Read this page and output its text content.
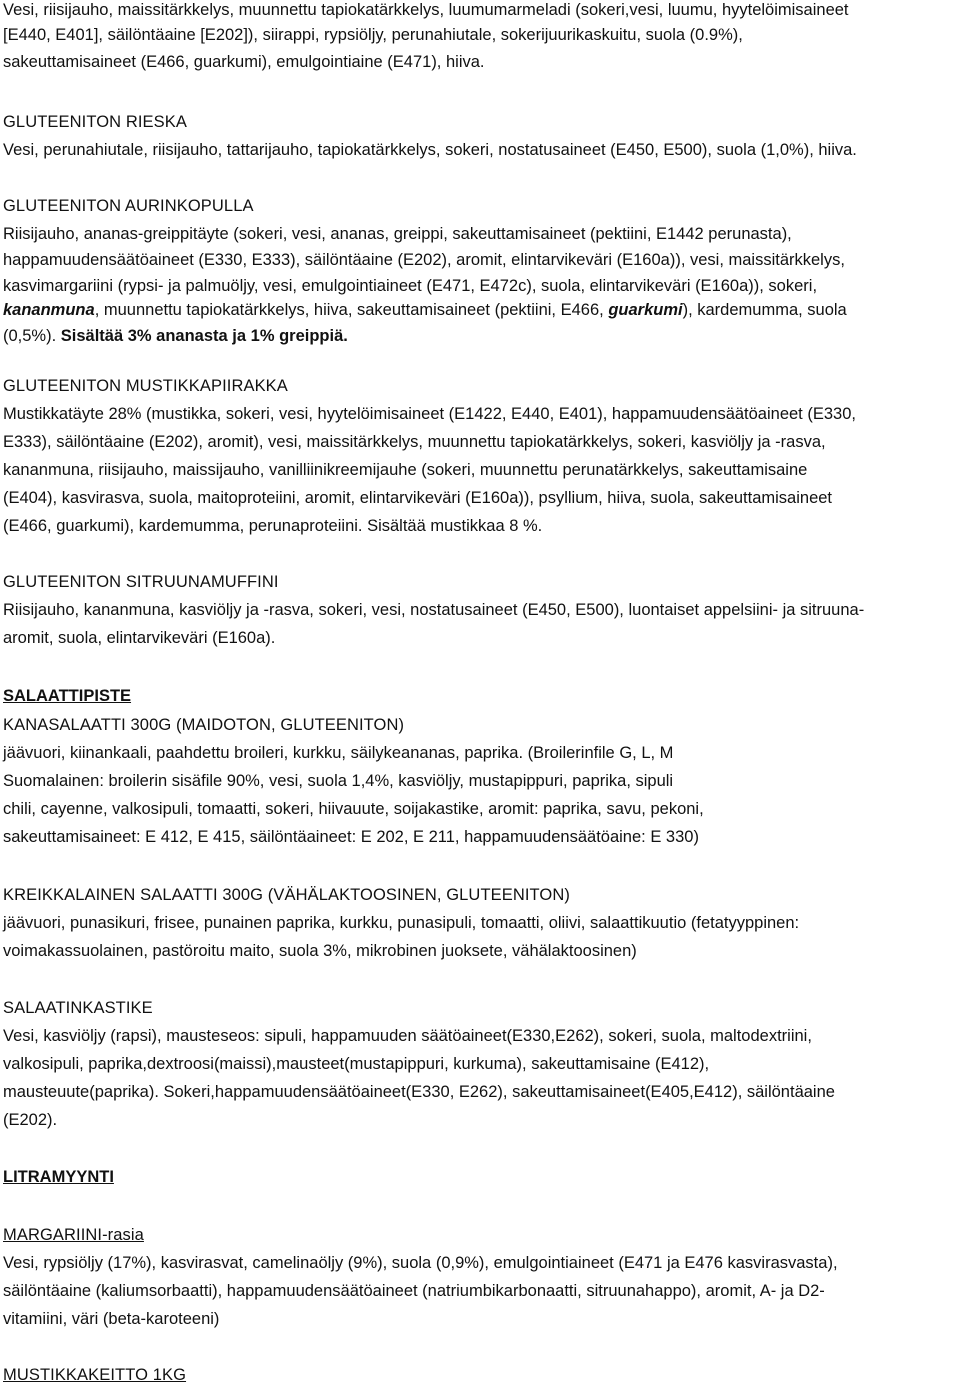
Vesi, riisijauho, maissitärkkelys, muunnettu tapiokatärkkelys, luumumarmeladi (sokeri,vesi, luumu, hyytelöimisaineet
[E440, E401], säilöntäaine [E202]), siirappi, rypsiöljy, perunahiutale, sokerijuurikaskuitu, suola (0.9%),
sakeuttamisaineet (E466, guarkumi), emulgointiaine (E471), hiiva.
GLUTEENITON RIESKA
Vesi, perunahiutale, riisijauho, tattarijauho, tapiokatärkkelys, sokeri, nostatusaineet (E450, E500), suola (1,0%), hiiva.
GLUTEENITON AURINKOPULLA
Riisijauho, ananas-greippitäyte (sokeri, vesi, ananas, greippi, sakeuttamisaineet (pektiini, E1442 perunasta),
happamuudensäätöaineet (E330, E333), säilöntäaine (E202), aromit, elintarvikeväri (E160a)), vesi, maissitärkkelys,
kasvimargariini (rypsi- ja palmuöljy, vesi, emulgointiaineet (E471, E472c), suola, elintarvikeväri (E160a)), sokeri,
kananmuna, muunnettu tapiokatärkkelys, hiiva, sakeuttamisaineet (pektiini, E466, guarkumi), kardemumma, suola
(0,5%). Sisältää 3% ananasta ja 1% greippiä.
GLUTEENITON MUSTIKKAPIIRAKKA
Mustikkatäyte 28% (mustikka, sokeri, vesi, hyytelöimisaineet (E1422, E440, E401), happamuudensäätöaineet (E330,
E333), säilöntäaine (E202), aromit), vesi, maissitärkkelys, muunnettu tapiokatärkkelys, sokeri, kasviöljy ja -rasva,
kananmuna, riisijauho, maissijauho, vanilliinikreemijauhe (sokeri, muunnettu perunatärkkelys, sakeuttamisaine
(E404), kasvirasva, suola, maitoproteiini, aromit, elintarvikeväri (E160a)), psyllium, hiiva, suola, sakeuttamisaineet
(E466, guarkumi), kardemumma, perunaproteiini. Sisältää mustikkaa 8 %.
GLUTEENITON SITRUUNAMUFFINI
Riisijauho, kananmuna, kasviöljy ja -rasva, sokeri, vesi, nostatusaineet (E450, E500), luontaiset appelsiini- ja sitruuna-
aromit, suola, elintarvikeväri (E160a).
SALAATTIPISTE
KANASALAATTI 300G (MAIDOTON, GLUTEENITON)
jäävuori, kiinankaali, paahdettu broileri, kurkku, säilykeananas, paprika. (Broilerinfile G, L, M
Suomalainen: broilerin sisäfile 90%, vesi, suola 1,4%, kasviöljy, mustapippuri, paprika, sipuli
chili, cayenne, valkosipuli, tomaatti, sokeri, hiivauute, soijakastike, aromit: paprika, savu, pekoni,
sakeuttamisaineet: E 412, E 415, säilöntäaineet: E 202, E 211, happamuudensäätöaine: E 330)
KREIKKALAINEN SALAATTI 300G (VÄHÄLAKTOOSINEN, GLUTEENITON)
jäävuori, punasikuri, frisee, punainen paprika, kurkku, punasipuli, tomaatti, oliivi, salaattikuutio (fetatyyppinen:
voimakassuolainen, pastöroitu maito, suola 3%, mikrobinen juoksete, vähälaktoosinen)
SALAATINKASTIKE
Vesi, kasviöljy (rapsi), mausteseos: sipuli, happamuuden säätöaineet(E330,E262), sokeri, suola, maltodextriini,
valkosipuli, paprika,dextroosi(maissi),mausteet(mustapippuri, kurkuma), sakeuttamisaine (E412),
mausteuute(paprika). Sokeri,happamuudensäätöaineet(E330, E262), sakeuttamisaineet(E405,E412), säilöntäaine
(E202).
LITRAMYYNTI
MARGARIINI-rasia
Vesi, rypsiöljy (17%), kasvirasvat, camelinaöljy (9%), suola (0,9%), emulgointiaineet (E471 ja E476 kasvirasvasta),
säilöntäaine (kaliumsorbaatti), happamuudensäätöaineet (natriumbikarbonaatti, sitruunahappo), aromit, A- ja D2-
vitamiini, väri (beta-karoteeni)
MUSTIKKAKEITTO 1KG
